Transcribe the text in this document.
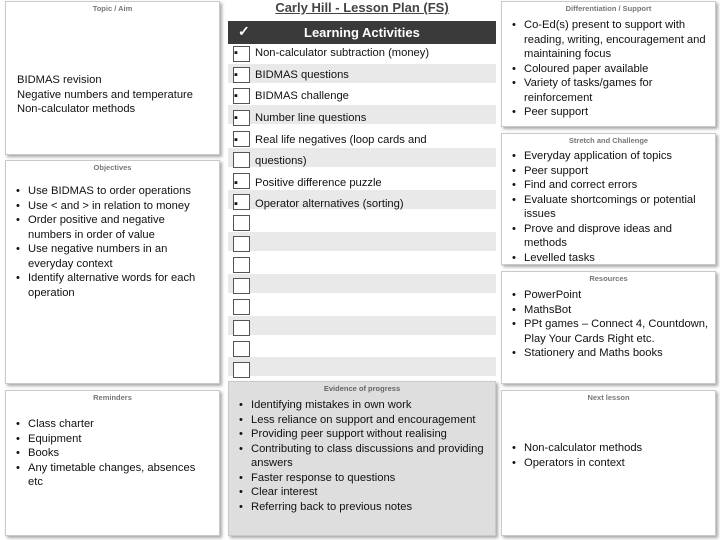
Carly Hill - Lesson Plan (FS)
Topic / Aim
BIDMAS revision
Negative numbers and temperature
Non-calculator methods
Objectives
• Use BIDMAS to order operations
• Use < and > in relation to money
• Order positive and negative numbers in order of value
• Use negative numbers in an everyday context
• Identify alternative words for each operation
Reminders
• Class charter
• Equipment
• Books
• Any timetable changes, absences etc
✓	Learning Activities
▪ Non-calculator subtraction (money)
▪ BIDMAS questions
▪ BIDMAS challenge
▪ Number line questions
▪ Real life negatives (loop cards and
questions)
▪ Positive difference puzzle
▪ Operator alternatives (sorting)
Evidence of progress
• Identifying mistakes in own work
• Less reliance on support and encouragement
• Providing peer support without realising
• Contributing to class discussions and providing answers
• Faster response to questions
• Clear interest
• Referring back to previous notes
Differentiation / Support
• Co-Ed(s) present to support with reading, writing, encouragement and maintaining focus
• Coloured paper available
• Variety of tasks/games for reinforcement
• Peer support
Stretch and Challenge
• Everyday application of topics
• Peer support
• Find and correct errors
• Evaluate shortcomings or potential issues
• Prove and disprove ideas and methods
• Levelled tasks
Resources
• PowerPoint
• MathsBot
• PPt games – Connect 4, Countdown, Play Your Cards Right etc.
• Stationery and Maths books
Next lesson
• Non-calculator methods
• Operators in context
